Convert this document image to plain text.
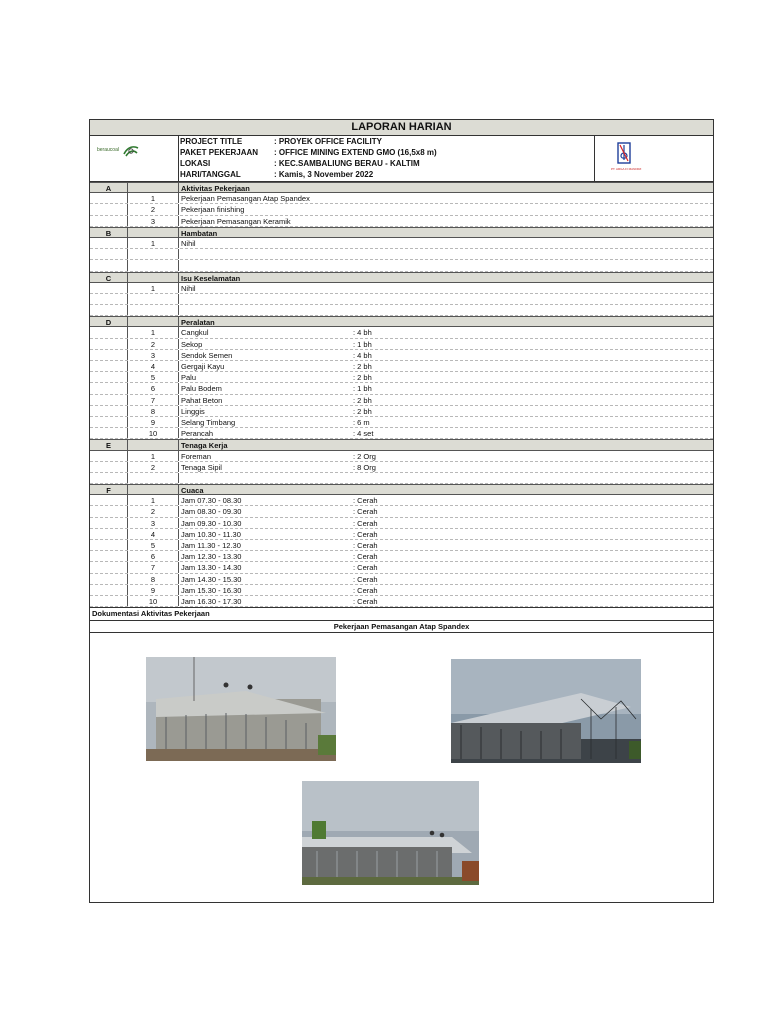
LAPORAN HARIAN
beraucoal
PROJECT TITLE	: PROYEK OFFICE FACILITY
PAKET PEKERJAAN : OFFICE MINING EXTEND GMO (16,5x8 m)
LOKASI	: KEC.SAMBALIUNG BERAU - KALTIM
HARI/TANGGAL	: Kamis, 3 November 2022
PT. ARGA FI MANDIRI
A	Aktivitas Pekerjaan
1	Pekerjaan Pemasangan Atap Spandex
2	Pekerjaan finishing
3	Pekerjaan Pemasangan Keramik
B	Hambatan
1	Nihil
C	Isu Keselamatan
1	Nihil
D	Peralatan
1	Cangkul	: 4 bh
2	Sekop	: 1 bh
3	Sendok Semen	: 4 bh
4	Gergaji Kayu	: 2 bh
5	Palu	: 2 bh
6	Palu Bodem	: 1 bh
7	Pahat Beton	: 2 bh
8	Linggis	: 2 bh
9	Selang Timbang	: 6 m
10	Perancah	: 4 set
E	Tenaga Kerja
1	Foreman	: 2 Org
2	Tenaga Sipil	: 8 Org
F	Cuaca
1	Jam 07.30 - 08.30	: Cerah
2	Jam 08.30 - 09.30	: Cerah
3	Jam 09.30 - 10.30	: Cerah
4	Jam 10.30 - 11.30	: Cerah
5	Jam 11.30 - 12.30	: Cerah
6	Jam 12.30 - 13.30	: Cerah
7	Jam 13.30 - 14.30	: Cerah
8	Jam 14.30 - 15.30	: Cerah
9	Jam 15.30 - 16.30	: Cerah
10	Jam 16.30 - 17.30	: Cerah
Dokumentasi Aktivitas Pekerjaan
Pekerjaan Pemasangan Atap Spandex
